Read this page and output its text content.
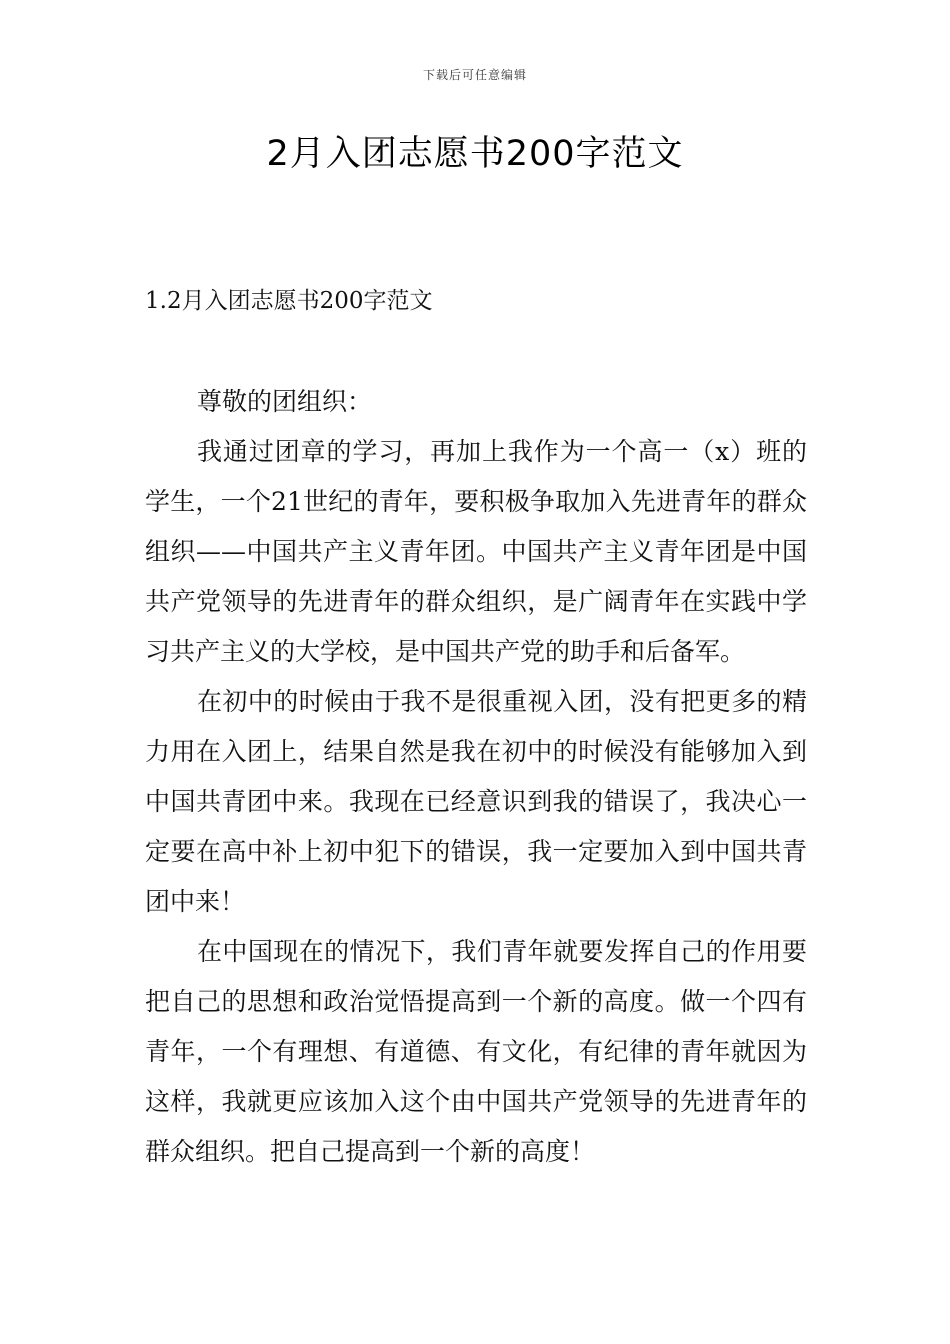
下载后可任意编辑
2月入团志愿书200字范文
1.2月入团志愿书200字范文

尊敬的团组织：

我通过团章的学习，再加上我作为一个高一（x）班的学生，一个21世纪的青年，要积极争取加入先进青年的群众组织——中国共产主义青年团。中国共产主义青年团是中国共产党领导的先进青年的群众组织，是广阔青年在实践中学习共产主义的大学校，是中国共产党的助手和后备军。

在初中的时候由于我不是很重视入团，没有把更多的精力用在入团上，结果自然是我在初中的时候没有能够加入到中国共青团中来。我现在已经意识到我的错误了，我决心一定要在高中补上初中犯下的错误，我一定要加入到中国共青团中来！

在中国现在的情况下，我们青年就要发挥自己的作用要把自己的思想和政治觉悟提高到一个新的高度。做一个四有青年，一个有理想、有道德、有文化，有纪律的青年就因为这样，我就更应该加入这个由中国共产党领导的先进青年的群众组织。把自己提高到一个新的高度！
